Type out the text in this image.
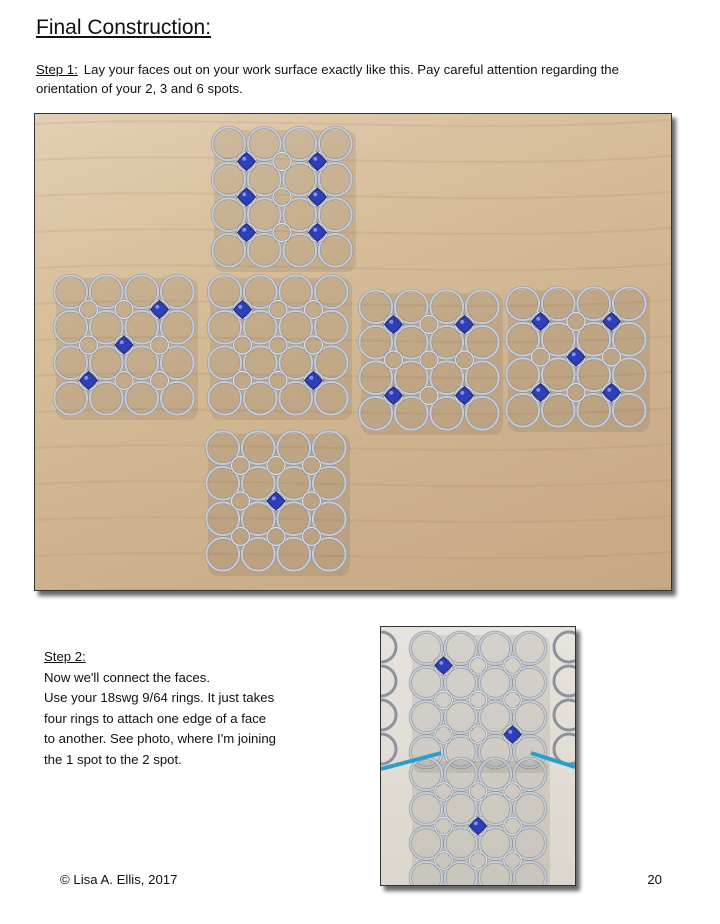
Final Construction:
Step 1: Lay your faces out on your work surface exactly like this. Pay careful attention regarding the orientation of your 2, 3 and 6 spots.
Step 2:
Now we'll connect the faces.
Use your 18swg 9/64 rings. It just takes
four rings to attach one edge of a face
to another. See photo, where I'm joining
the 1 spot to the 2 spot.
© Lisa A. Ellis, 2017	20
